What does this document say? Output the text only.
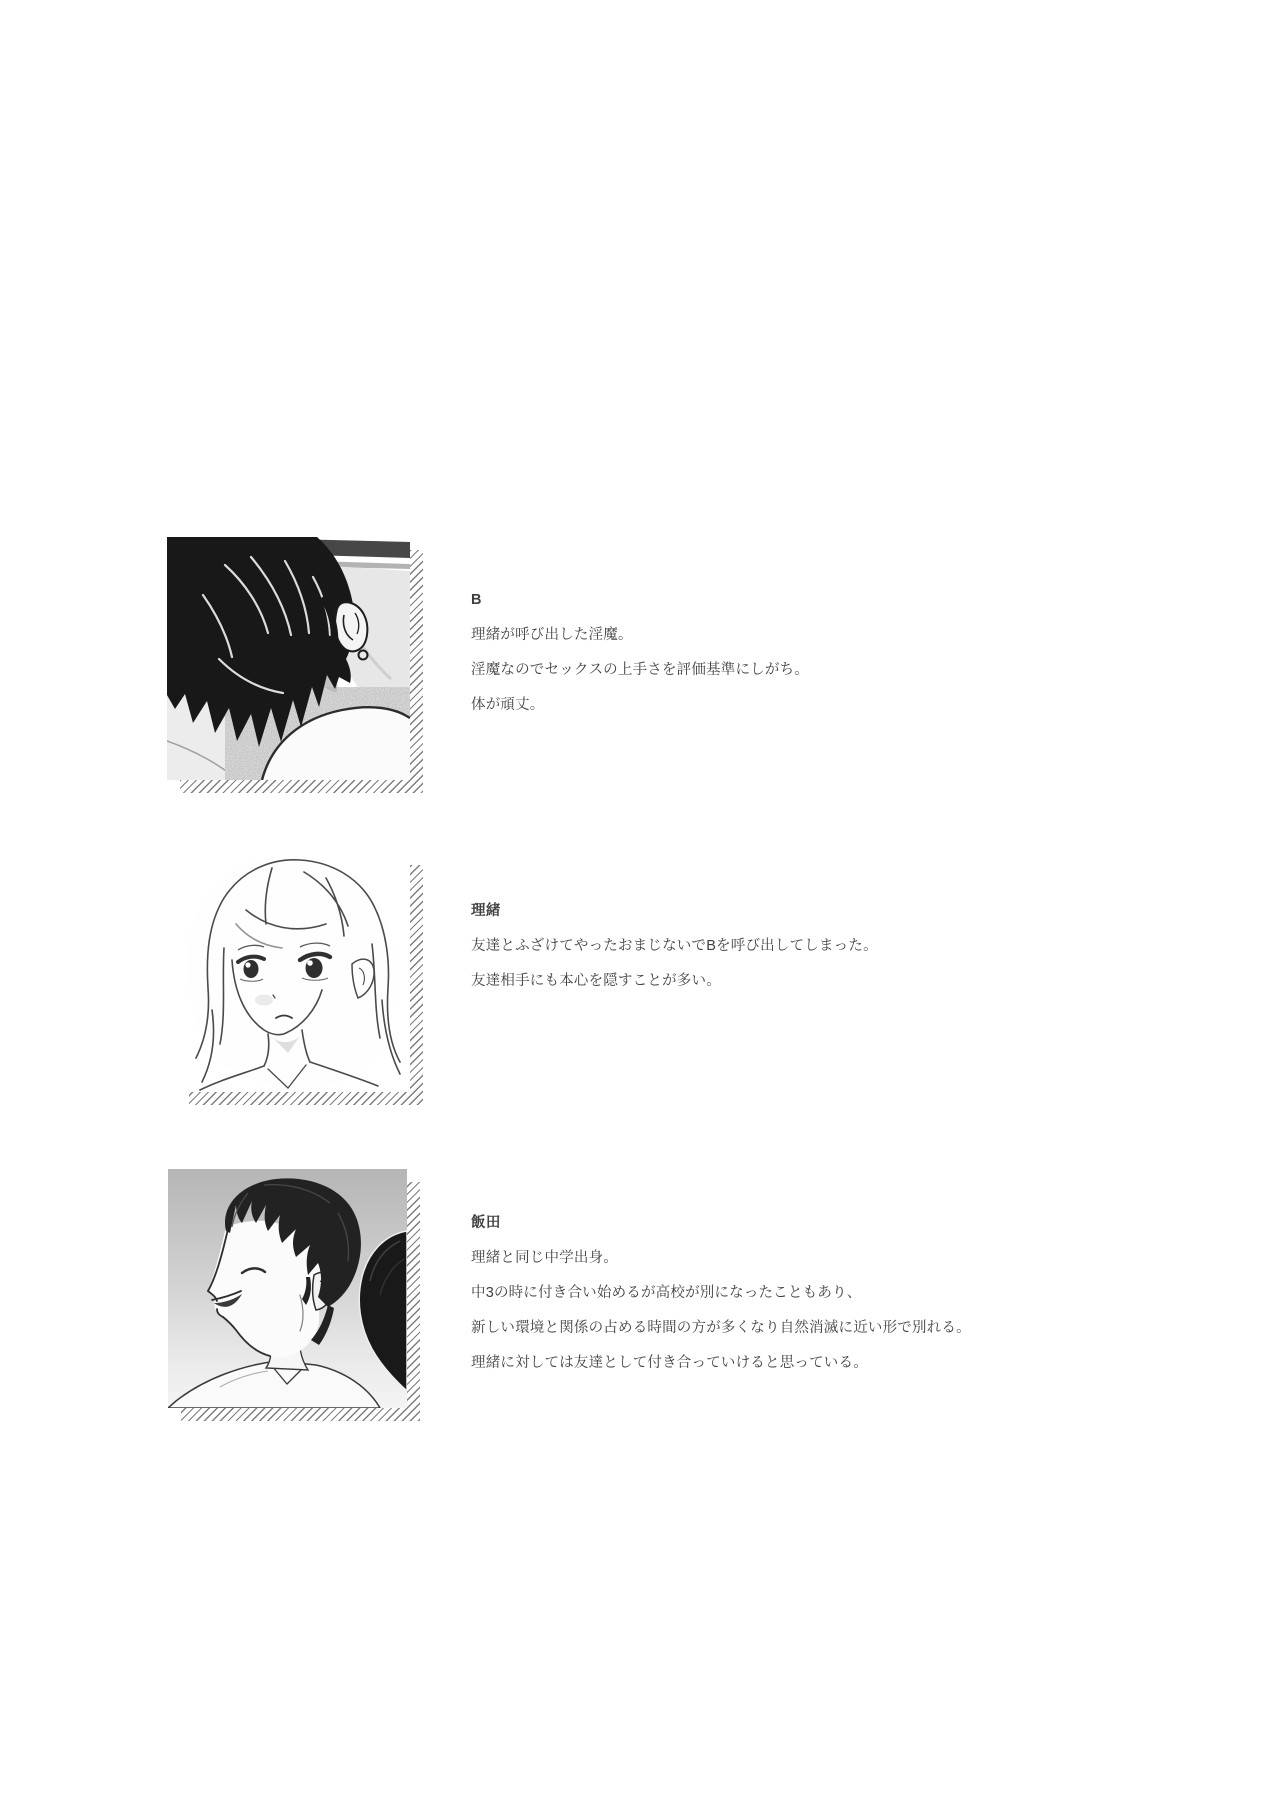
B

理緒が呼び出した淫魔。

淫魔なのでセックスの上手さを評価基準にしがち。

体が頑丈。

理緒

友達とふざけてやったおまじないでBを呼び出してしまった。

友達相手にも本心を隠すことが多い。

飯田

理緒と同じ中学出身。

中3の時に付き合い始めるが高校が別になったこともあり、

新しい環境と関係の占める時間の方が多くなり自然消滅に近い形で別れる。

理緒に対しては友達として付き合っていけると思っている。
